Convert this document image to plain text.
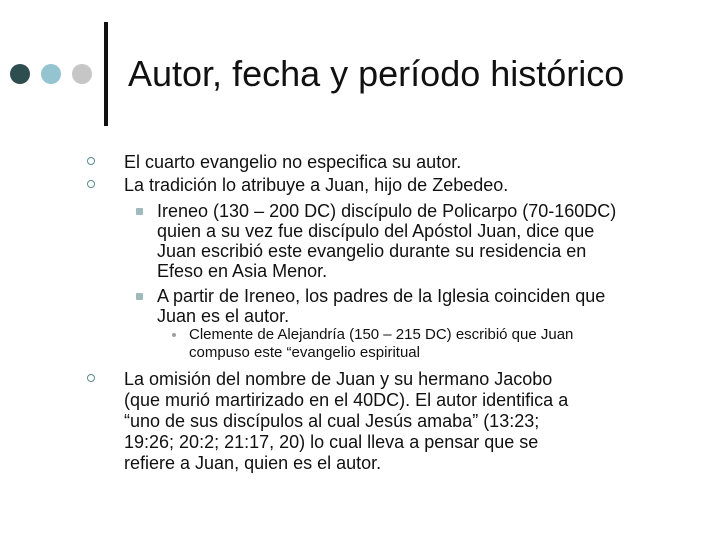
Autor, fecha y período histórico
El cuarto evangelio no especifica su autor.
La tradición lo atribuye a Juan, hijo de Zebedeo.
Ireneo (130 – 200 DC) discípulo de Policarpo (70-160DC)
quien a su vez fue discípulo del Apóstol Juan, dice que
Juan escribió este evangelio durante su residencia en
Efeso en Asia Menor.
A partir de Ireneo, los padres de la Iglesia coinciden que
Juan es el autor.
Clemente de Alejandría (150 – 215 DC) escribió que Juan
compuso este “evangelio espiritual
La omisión del nombre de Juan y su hermano Jacobo
(que murió martirizado en el 40DC). El autor identifica a
“uno de sus discípulos al cual Jesús amaba” (13:23;
19:26; 20:2; 21:17, 20) lo cual lleva a pensar que se
refiere a Juan, quien es el autor.
